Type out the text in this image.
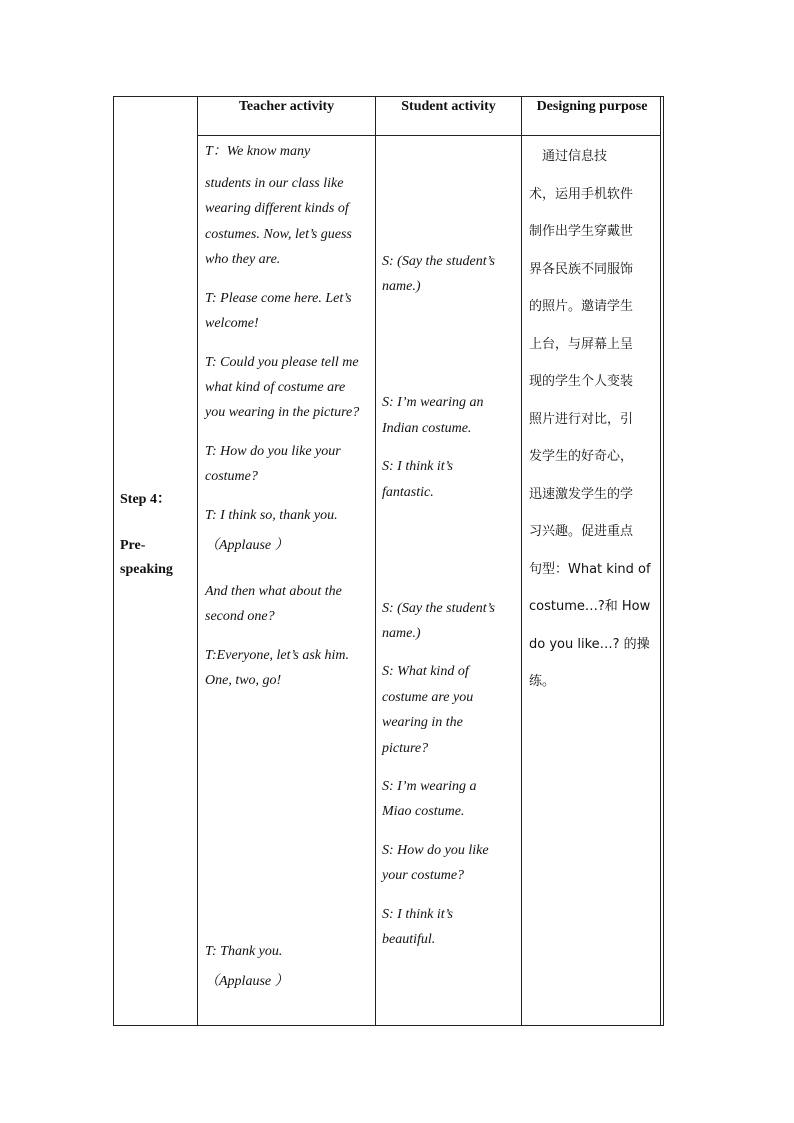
Teacher activity	Student activity	Designing purpose
Step 4：
Pre-
speaking

T：We know many

students in our class like

wearing different kinds of

costumes. Now, let’s guess

who they are.

T: Please come here. Let’s

welcome!

T: Could you please tell me

what kind of costume are

you wearing in the picture?

T: How do you like your

costume?

T: I think so, thank you.

（Applause ）

And then what about the

second one?

T:Everyone, let’s ask him.

One, two, go!

T: Thank you.

（Applause ）

S: (Say the student’s

name.)

S: I’m wearing an

Indian costume.

S: I think it’s

fantastic.

S: (Say the student’s

name.)

S: What kind of

costume are you

wearing in the

picture?

S: I’m wearing a

Miao costume.

S: How do you like

your costume?

S: I think it’s

beautiful.

　通过信息技

术，运用手机软件

制作出学生穿戴世

界各民族不同服饰

的照片。邀请学生

上台，与屏幕上呈

现的学生个人变装

照片进行对比，引

发学生的好奇心，

迅速激发学生的学

习兴趣。促进重点

句型：What kind of

costume…?和 How

do you like…? 的操

练。
